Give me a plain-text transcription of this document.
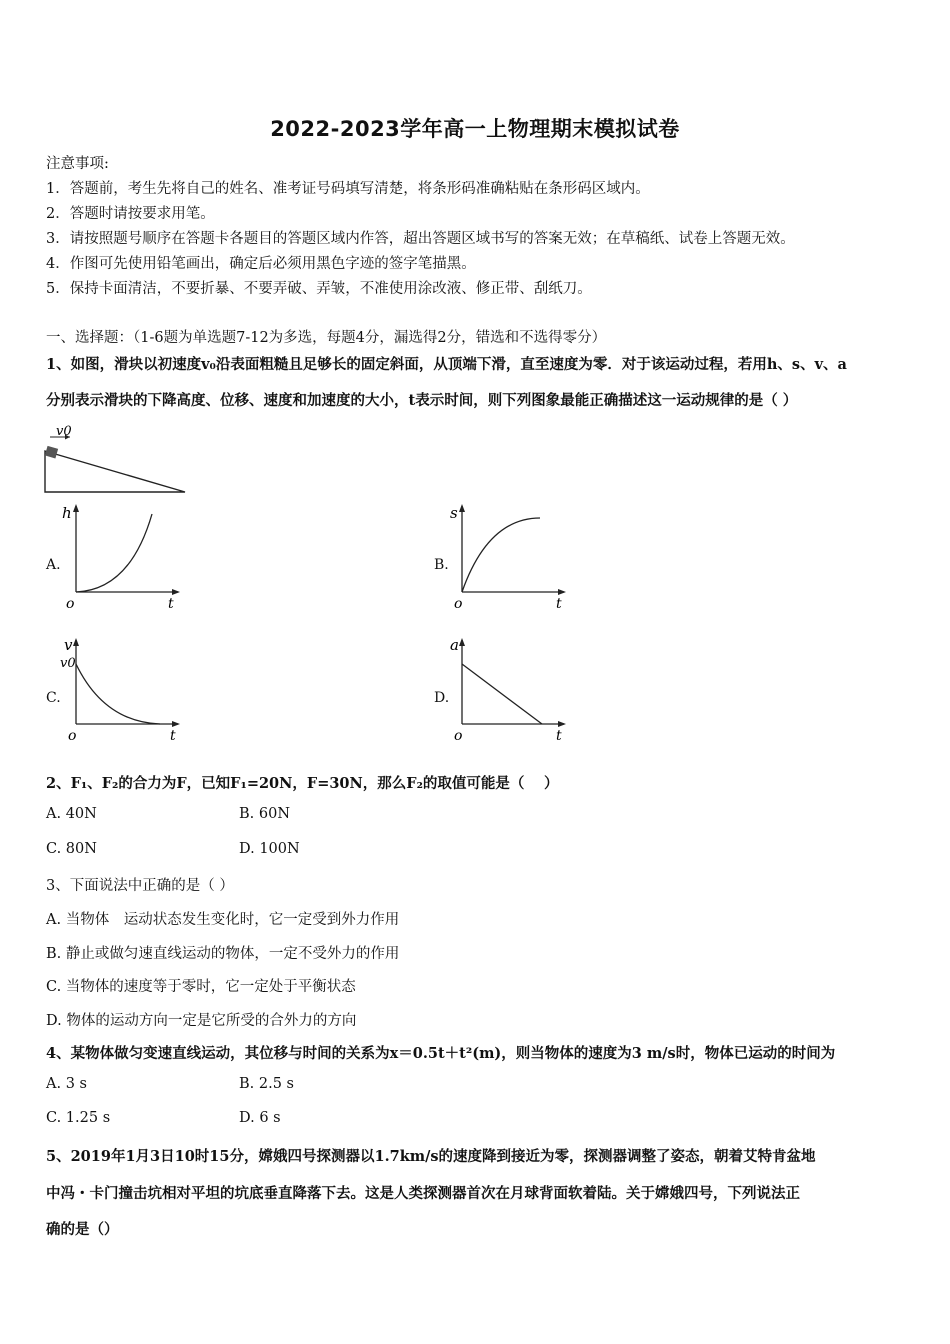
2022-2023学年高一上物理期末模拟试卷
注意事项:
1．答题前，考生先将自己的姓名、准考证号码填写清楚，将条形码准确粘贴在条形码区域内。
2．答题时请按要求用笔。
3．请按照题号顺序在答题卡各题目的答题区域内作答，超出答题区域书写的答案无效；在草稿纸、试卷上答题无效。
4．作图可先使用铅笔画出，确定后必须用黑色字迹的签字笔描黑。
5．保持卡面清洁，不要折暴、不要弄破、弄皱，不准使用涂改液、修正带、刮纸刀。
一、选择题：（1-6题为单选题7-12为多选，每题4分，漏选得2分，错选和不选得零分）
1、如图，滑块以初速度v₀沿表面粗糙且足够长的固定斜面，从顶端下滑，直至速度为零．对于该运动过程，若用h、s、v、a
分别表示滑块的下降高度、位移、速度和加速度的大小，t表示时间，则下列图象最能正确描述这一运动规律的是（ ）
v0
A.
h
t
o
B.
s
t
o
C.
v
v0
t
o
D.
a
t
o
2、F₁、F₂的合力为F，已知F₁=20N，F=30N，那么F₂的取值可能是（　 ）
A. 40N	B. 60N
C. 80N	D. 100N
3、下面说法中正确的是（ ）
A. 当物体　运动状态发生变化时，它一定受到外力作用
B. 静止或做匀速直线运动的物体，一定不受外力的作用
C. 当物体的速度等于零时，它一定处于平衡状态
D. 物体的运动方向一定是它所受的合外力的方向
4、某物体做匀变速直线运动，其位移与时间的关系为x＝0.5t＋t²(m)，则当物体的速度为3 m/s时，物体已运动的时间为
A. 3 s	B. 2.5 s
C. 1.25 s	D. 6 s
5、2019年1月3日10时15分，嫦娥四号探测器以1.7km/s的速度降到接近为零，探测器调整了姿态，朝着艾特肯盆地
中冯・卡门撞击坑相对平坦的坑底垂直降落下去。这是人类探测器首次在月球背面软着陆。关于嫦娥四号，下列说法正
确的是（）
